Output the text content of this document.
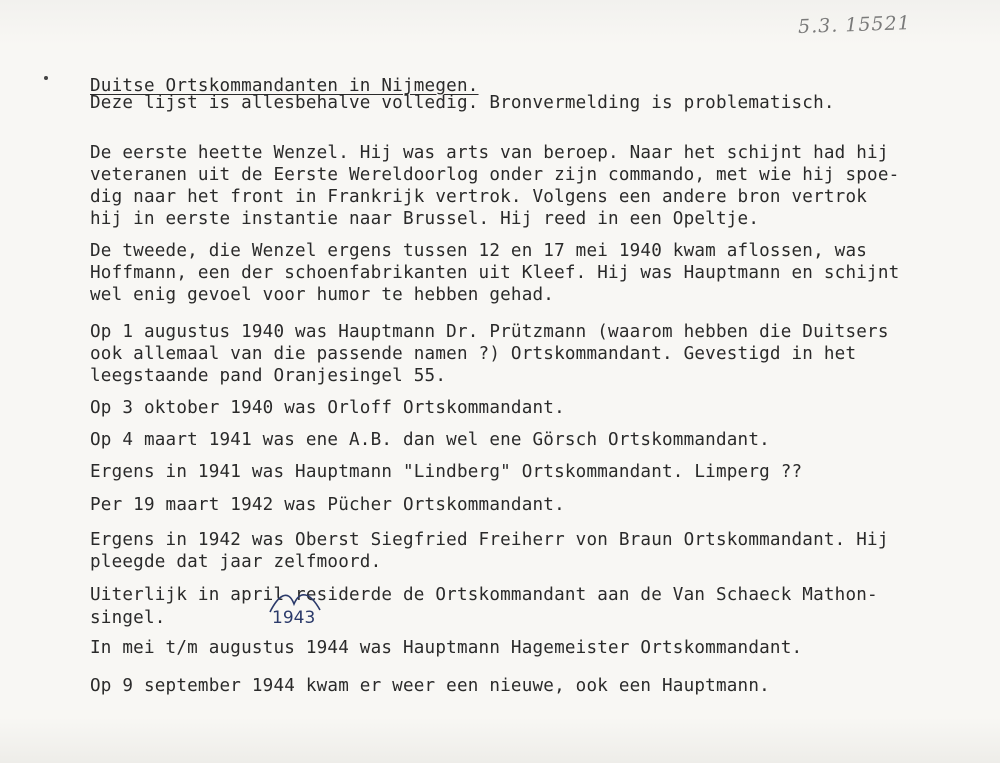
5.3. 15521
Duitse Ortskommandanten in Nijmegen.
Deze lijst is allesbehalve volledig. Bronvermelding is problematisch.
De eerste heette Wenzel. Hij was arts van beroep. Naar het schijnt had hij
veteranen uit de Eerste Wereldoorlog onder zijn commando, met wie hij spoe-
dig naar het front in Frankrijk vertrok. Volgens een andere bron vertrok
hij in eerste instantie naar Brussel. Hij reed in een Opeltje.
De tweede, die Wenzel ergens tussen 12 en 17 mei 1940 kwam aflossen, was
Hoffmann, een der schoenfabrikanten uit Kleef. Hij was Hauptmann en schijnt
wel enig gevoel voor humor te hebben gehad.
Op 1 augustus 1940 was Hauptmann Dr. Prützmann (waarom hebben die Duitsers
ook allemaal van die passende namen ?) Ortskommandant. Gevestigd in het
leegstaande pand Oranjesingel 55.
Op 3 oktober 1940 was Orloff Ortskommandant.
Op 4 maart 1941 was ene A.B. dan wel ene Görsch Ortskommandant.
Ergens in 1941 was Hauptmann "Lindberg" Ortskommandant. Limperg ??
Per 19 maart 1942 was Pücher Ortskommandant.
Ergens in 1942 was Oberst Siegfried Freiherr von Braun Ortskommandant. Hij
pleegde dat jaar zelfmoord.
Uiterlijk in april residerde de Ortskommandant aan de Van Schaeck Mathon-
singel.	1943
In mei t/m augustus 1944 was Hauptmann Hagemeister Ortskommandant.
Op 9 september 1944 kwam er weer een nieuwe, ook een Hauptmann.
